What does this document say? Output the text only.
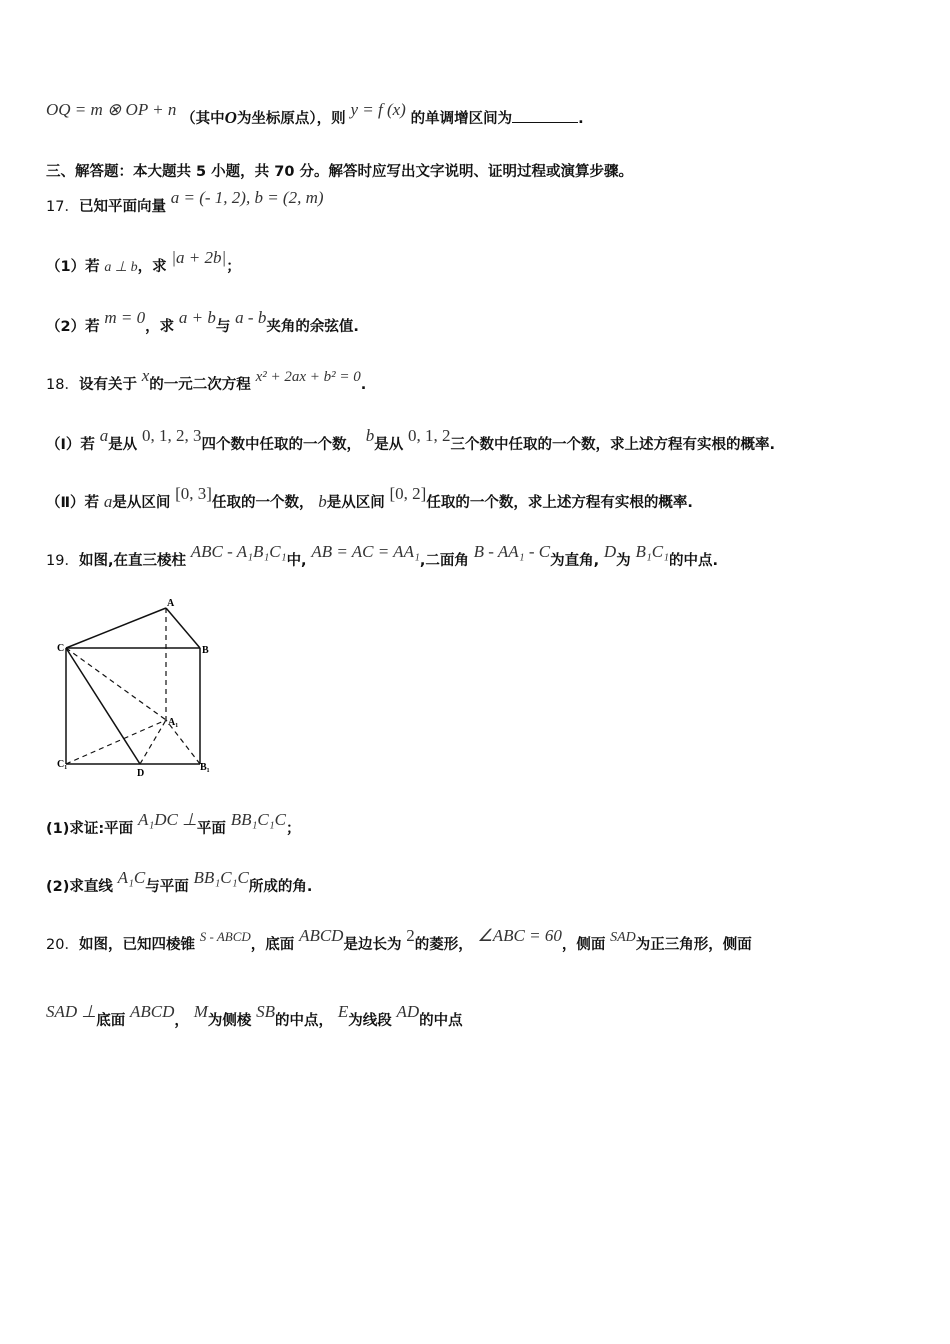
OQ = m ⊗ OP + n （其中O为坐标原点），则 y = f (x) 的单调增区间为	.
三、解答题：本大题共 5 小题，共 70 分。解答时应写出文字说明、证明过程或演算步骤。
17．已知平面向量 a = (- 1, 2), b = (2, m)
（1）若 a ⊥ b，求 |a + 2b|；
（2）若 m = 0，求 a + b与 a - b夹角的余弦值.
18．设有关于 x的一元二次方程 x² + 2ax + b² = 0.
（Ⅰ）若 a是从 0, 1, 2, 3四个数中任取的一个数， b是从 0, 1, 2三个数中任取的一个数，求上述方程有实根的概率.
（Ⅱ）若 a是从区间 [0, 3]任取的一个数， b是从区间 [0, 2]任取的一个数，求上述方程有实根的概率.
19．如图,在直三棱柱 ABC - A₁B₁C₁中, AB = AC = AA₁,二面角 B - AA₁ - C为直角, D为 B₁C₁的中点.
A
B
C
A₁
C₁
D
B₁
(1)求证:平面 A₁DC ⊥平面 BB₁C₁C；
(2)求直线 A₁C与平面 BB₁C₁C所成的角.
20．如图，已知四棱锥 S - ABCD，底面 ABCD是边长为 2的菱形， ∠ABC = 60，侧面 SAD为正三角形，侧面
SAD ⊥底面 ABCD， M为侧棱 SB的中点， E为线段 AD的中点
